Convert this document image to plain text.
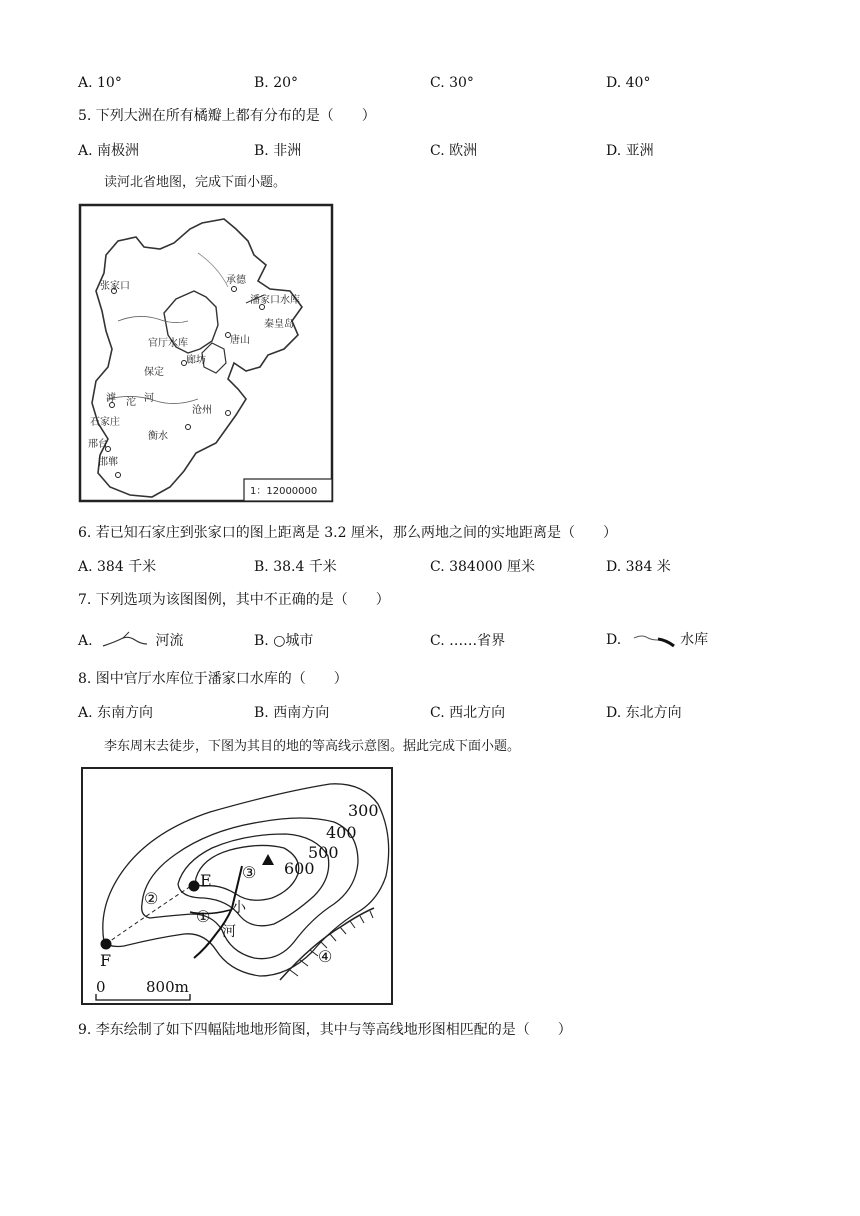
A. 10°	B. 20°	C. 30°	D. 40°
5. 下列大洲在所有橘瓣上都有分布的是（　　）
A. 南极洲	B. 非洲	C. 欧洲	D. 亚洲
读河北省地图，完成下面小题。
张家口
承德
潘家口水库
秦皇岛
唐山
官厅水库
廊坊
保定
滹 沱 河
沧州
石家庄
衡水
邢台
邯郸
1：12000000
6. 若已知石家庄到张家口的图上距离是 3.2 厘米，那么两地之间的实地距离是（　　）
A. 384 千米	B. 38.4 千米	C. 384000 厘米	D. 384 米
7. 下列选项为该图图例，其中不正确的是（　　）
A.	河流	B. ○城市	C. ……省界	D.	水库
8. 图中官厅水库位于潘家口水库的（　　）
A. 东南方向	B. 西南方向	C. 西北方向	D. 东北方向
李东周末去徒步，下图为其目的地的等高线示意图。据此完成下面小题。
300
400
500
600
E
F
①
②
③
④
小
河
0	800m
9. 李东绘制了如下四幅陆地地形简图，其中与等高线地形图相匹配的是（　　）
